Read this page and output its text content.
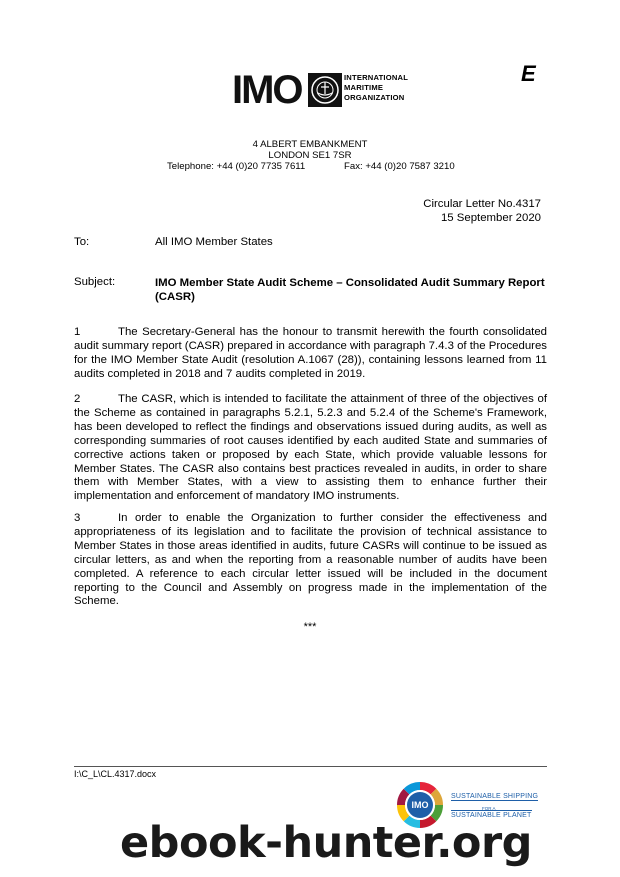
IMO	INTERNATIONAL
MARITIME
ORGANIZATION
E
4 ALBERT EMBANKMENT
LONDON SE1 7SR
Telephone: +44 (0)20 7735 7611	Fax: +44 (0)20 7587 3210
Circular Letter No.4317
15 September 2020
To:	All IMO Member States
Subject:	IMO Member State Audit Scheme – Consolidated Audit Summary Report (CASR)
1	The Secretary-General has the honour to transmit herewith the fourth consolidated audit summary report (CASR) prepared in accordance with paragraph 7.4.3 of the Procedures for the IMO Member State Audit (resolution A.1067 (28)), containing lessons learned from 11 audits completed in 2018 and 7 audits completed in 2019.
2	The CASR, which is intended to facilitate the attainment of three of the objectives of the Scheme as contained in paragraphs 5.2.1, 5.2.3 and 5.2.4 of the Scheme's Framework, has been developed to reflect the findings and observations issued during audits, as well as corresponding summaries of root causes identified by each audited State and summaries of corrective actions taken or proposed by each State, which provide valuable lessons for Member States. The CASR also contains best practices revealed in audits, in order to share them with Member States, with a view to assisting them to enhance further their implementation and enforcement of mandatory IMO instruments.
3	In order to enable the Organization to further consider the effectiveness and appropriateness of its legislation and to facilitate the provision of technical assistance to Member States in those areas identified in audits, future CASRs will continue to be issued as circular letters, as and when the reporting from a reasonable number of audits have been completed. A reference to each circular letter issued will be included in the document reporting to the Council and Assembly on progress made in the implementation of the Scheme.
***
I:\C_L\CL.4317.docx
IMO
SUSTAINABLE SHIPPING
FOR A
SUSTAINABLE PLANET
ebook-hunter.org
